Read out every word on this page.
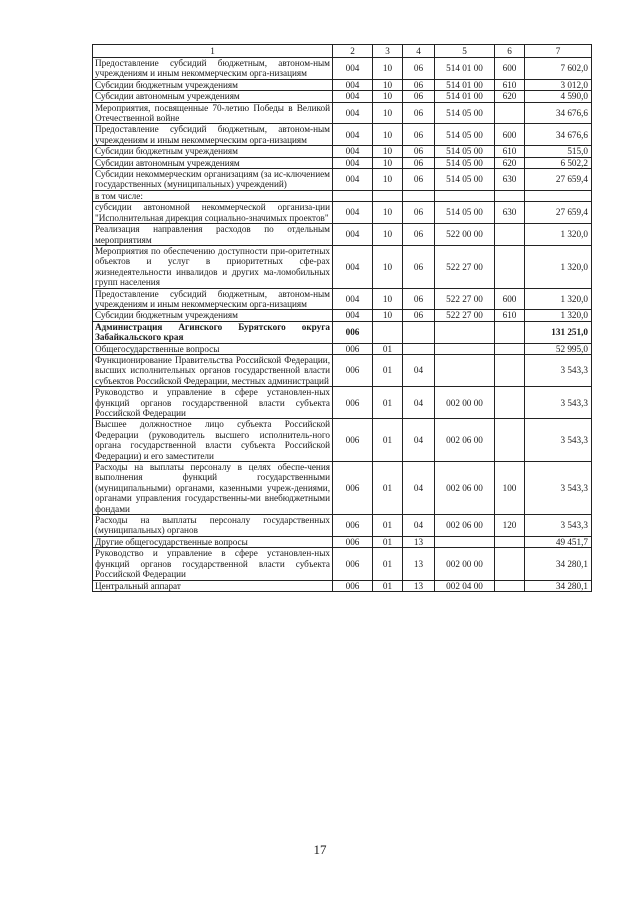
1	2	3	4	5	6	7
Предоставление субсидий бюджетным, автоном-ным учреждениям и иным некоммерческим орга-низациям	004	10	06	514 01 00	600	7 602,0
Субсидии бюджетным учреждениям	004	10	06	514 01 00	610	3 012,0
Субсидии автономным учреждениям	004	10	06	514 01 00	620	4 590,0
Мероприятия, посвященные 70-летию Победы в Великой Отечественной войне	004	10	06	514 05 00		34 676,6
Предоставление субсидий бюджетным, автоном-ным учреждениям и иным некоммерческим орга-низациям	004	10	06	514 05 00	600	34 676,6
Субсидии бюджетным учреждениям	004	10	06	514 05 00	610	515,0
Субсидии автономным учреждениям	004	10	06	514 05 00	620	6 502,2
Субсидии некоммерческим организациям (за ис-ключением государственных (муниципальных) учреждений)	004	10	06	514 05 00	630	27 659,4
в том числе:						
субсидии автономной некоммерческой организа-ции "Исполнительная дирекция социально-значимых проектов"	004	10	06	514 05 00	630	27 659,4
Реализация направления расходов по отдельным мероприятиям	004	10	06	522 00 00		1 320,0
Мероприятия по обеспечению доступности при-оритетных объектов и услуг в приоритетных сфе-рах жизнедеятельности инвалидов и других ма-ломобильных групп населения	004	10	06	522 27 00		1 320,0
Предоставление субсидий бюджетным, автоном-ным учреждениям и иным некоммерческим орга-низациям	004	10	06	522 27 00	600	1 320,0
Субсидии бюджетным учреждениям	004	10	06	522 27 00	610	1 320,0
Администрация Агинского Бурятского округа Забайкальского края	006					131 251,0
Общегосударственные вопросы	006	01				52 995,0
Функционирование Правительства Российской Федерации, высших исполнительных органов государственной власти субъектов Российской Федерации, местных администраций	006	01	04			3 543,3
Руководство и управление в сфере установлен-ных функций органов государственной власти субъекта Российской Федерации	006	01	04	002 00 00		3 543,3
Высшее должностное лицо субъекта Российской Федерации (руководитель высшего исполнитель-ного органа государственной власти субъекта Российской Федерации) и его заместители	006	01	04	002 06 00		3 543,3
Расходы на выплаты персоналу в целях обеспе-чения выполнения функций государственными (муниципальными) органами, казенными учреж-дениями, органами управления государственны-ми внебюджетными фондами	006	01	04	002 06 00	100	3 543,3
Расходы на выплаты персоналу государственных (муниципальных) органов	006	01	04	002 06 00	120	3 543,3
Другие общегосударственные вопросы	006	01	13			49 451,7
Руководство и управление в сфере установлен-ных функций органов государственной власти субъекта Российской Федерации	006	01	13	002 00 00		34 280,1
Центральный аппарат	006	01	13	002 04 00		34 280,1
17
